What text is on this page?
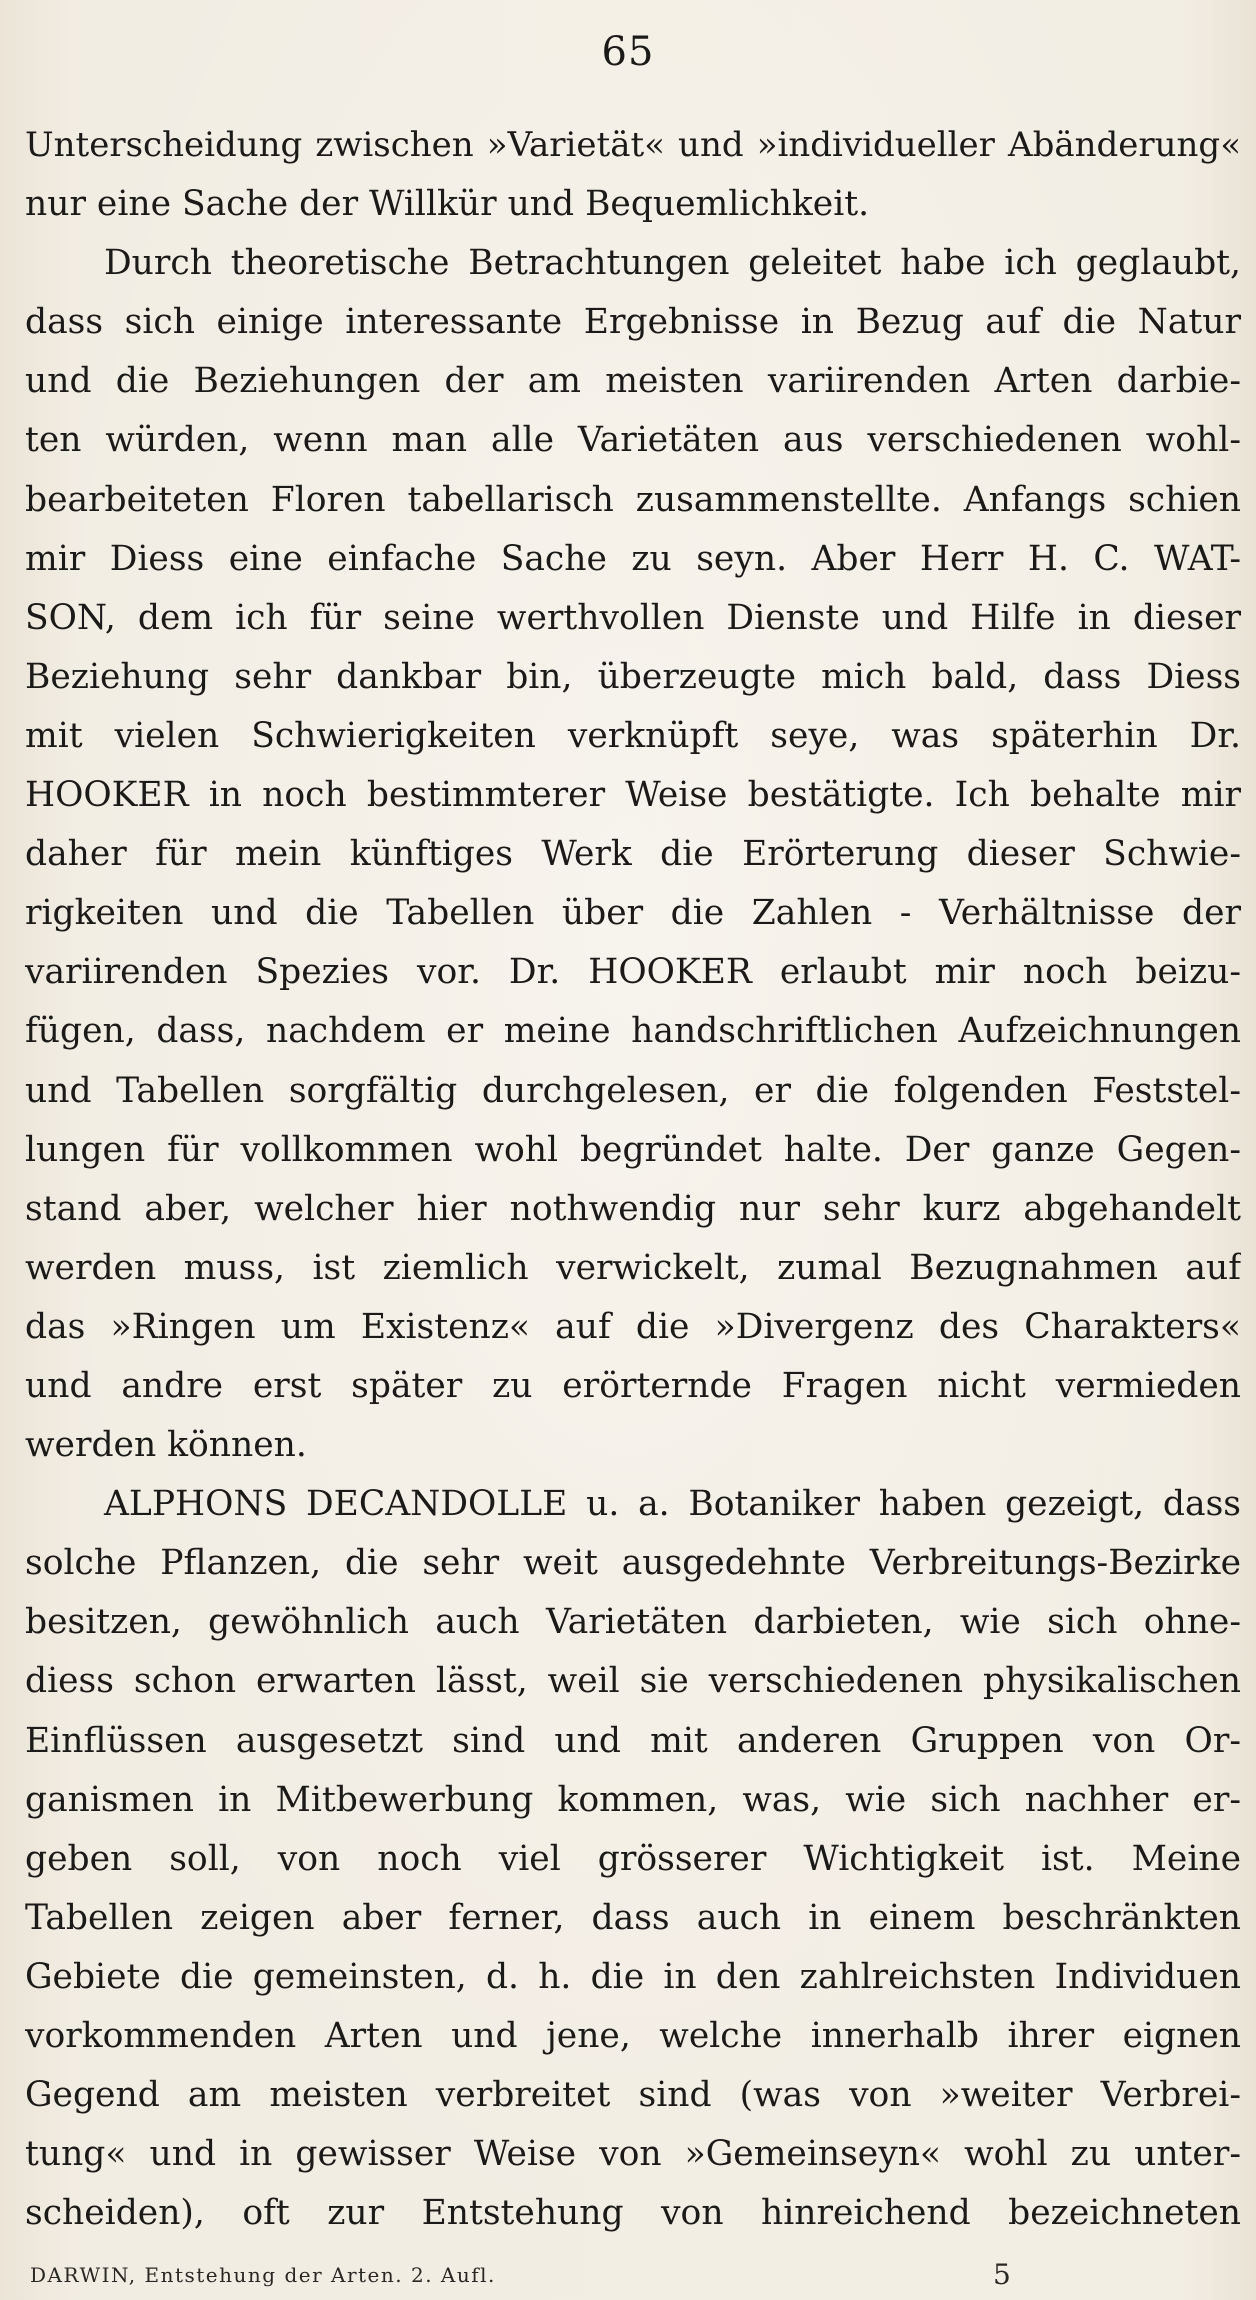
65
Unterscheidung zwischen »Varietät« und »individueller Abänderung«
nur eine Sache der Willkür und Bequemlichkeit.
Durch theoretische Betrachtungen geleitet habe ich geglaubt,
dass sich einige interessante Ergebnisse in Bezug auf die Natur
und die Beziehungen der am meisten variirenden Arten darbie-
ten würden, wenn man alle Varietäten aus verschiedenen wohl-
bearbeiteten Floren tabellarisch zusammenstellte. Anfangs schien
mir Diess eine einfache Sache zu seyn. Aber Herr H. C. WAT-
SON, dem ich für seine werthvollen Dienste und Hilfe in dieser
Beziehung sehr dankbar bin, überzeugte mich bald, dass Diess
mit vielen Schwierigkeiten verknüpft seye, was späterhin Dr.
HOOKER in noch bestimmterer Weise bestätigte. Ich behalte mir
daher für mein künftiges Werk die Erörterung dieser Schwie-
rigkeiten und die Tabellen über die Zahlen - Verhältnisse der
variirenden Spezies vor. Dr. HOOKER erlaubt mir noch beizu-
fügen, dass, nachdem er meine handschriftlichen Aufzeichnungen
und Tabellen sorgfältig durchgelesen, er die folgenden Feststel-
lungen für vollkommen wohl begründet halte. Der ganze Gegen-
stand aber, welcher hier nothwendig nur sehr kurz abgehandelt
werden muss, ist ziemlich verwickelt, zumal Bezugnahmen auf
das »Ringen um Existenz« auf die »Divergenz des Charakters«
und andre erst später zu erörternde Fragen nicht vermieden
werden können.
ALPHONS DECANDOLLE u. a. Botaniker haben gezeigt, dass
solche Pflanzen, die sehr weit ausgedehnte Verbreitungs-Bezirke
besitzen, gewöhnlich auch Varietäten darbieten, wie sich ohne-
diess schon erwarten lässt, weil sie verschiedenen physikalischen
Einflüssen ausgesetzt sind und mit anderen Gruppen von Or-
ganismen in Mitbewerbung kommen, was, wie sich nachher er-
geben soll, von noch viel grösserer Wichtigkeit ist. Meine
Tabellen zeigen aber ferner, dass auch in einem beschränkten
Gebiete die gemeinsten, d. h. die in den zahlreichsten Individuen
vorkommenden Arten und jene, welche innerhalb ihrer eignen
Gegend am meisten verbreitet sind (was von »weiter Verbrei-
tung« und in gewisser Weise von »Gemeinseyn« wohl zu unter-
scheiden), oft zur Entstehung von hinreichend bezeichneten
DARWIN, Entstehung der Arten. 2. Aufl.	5
